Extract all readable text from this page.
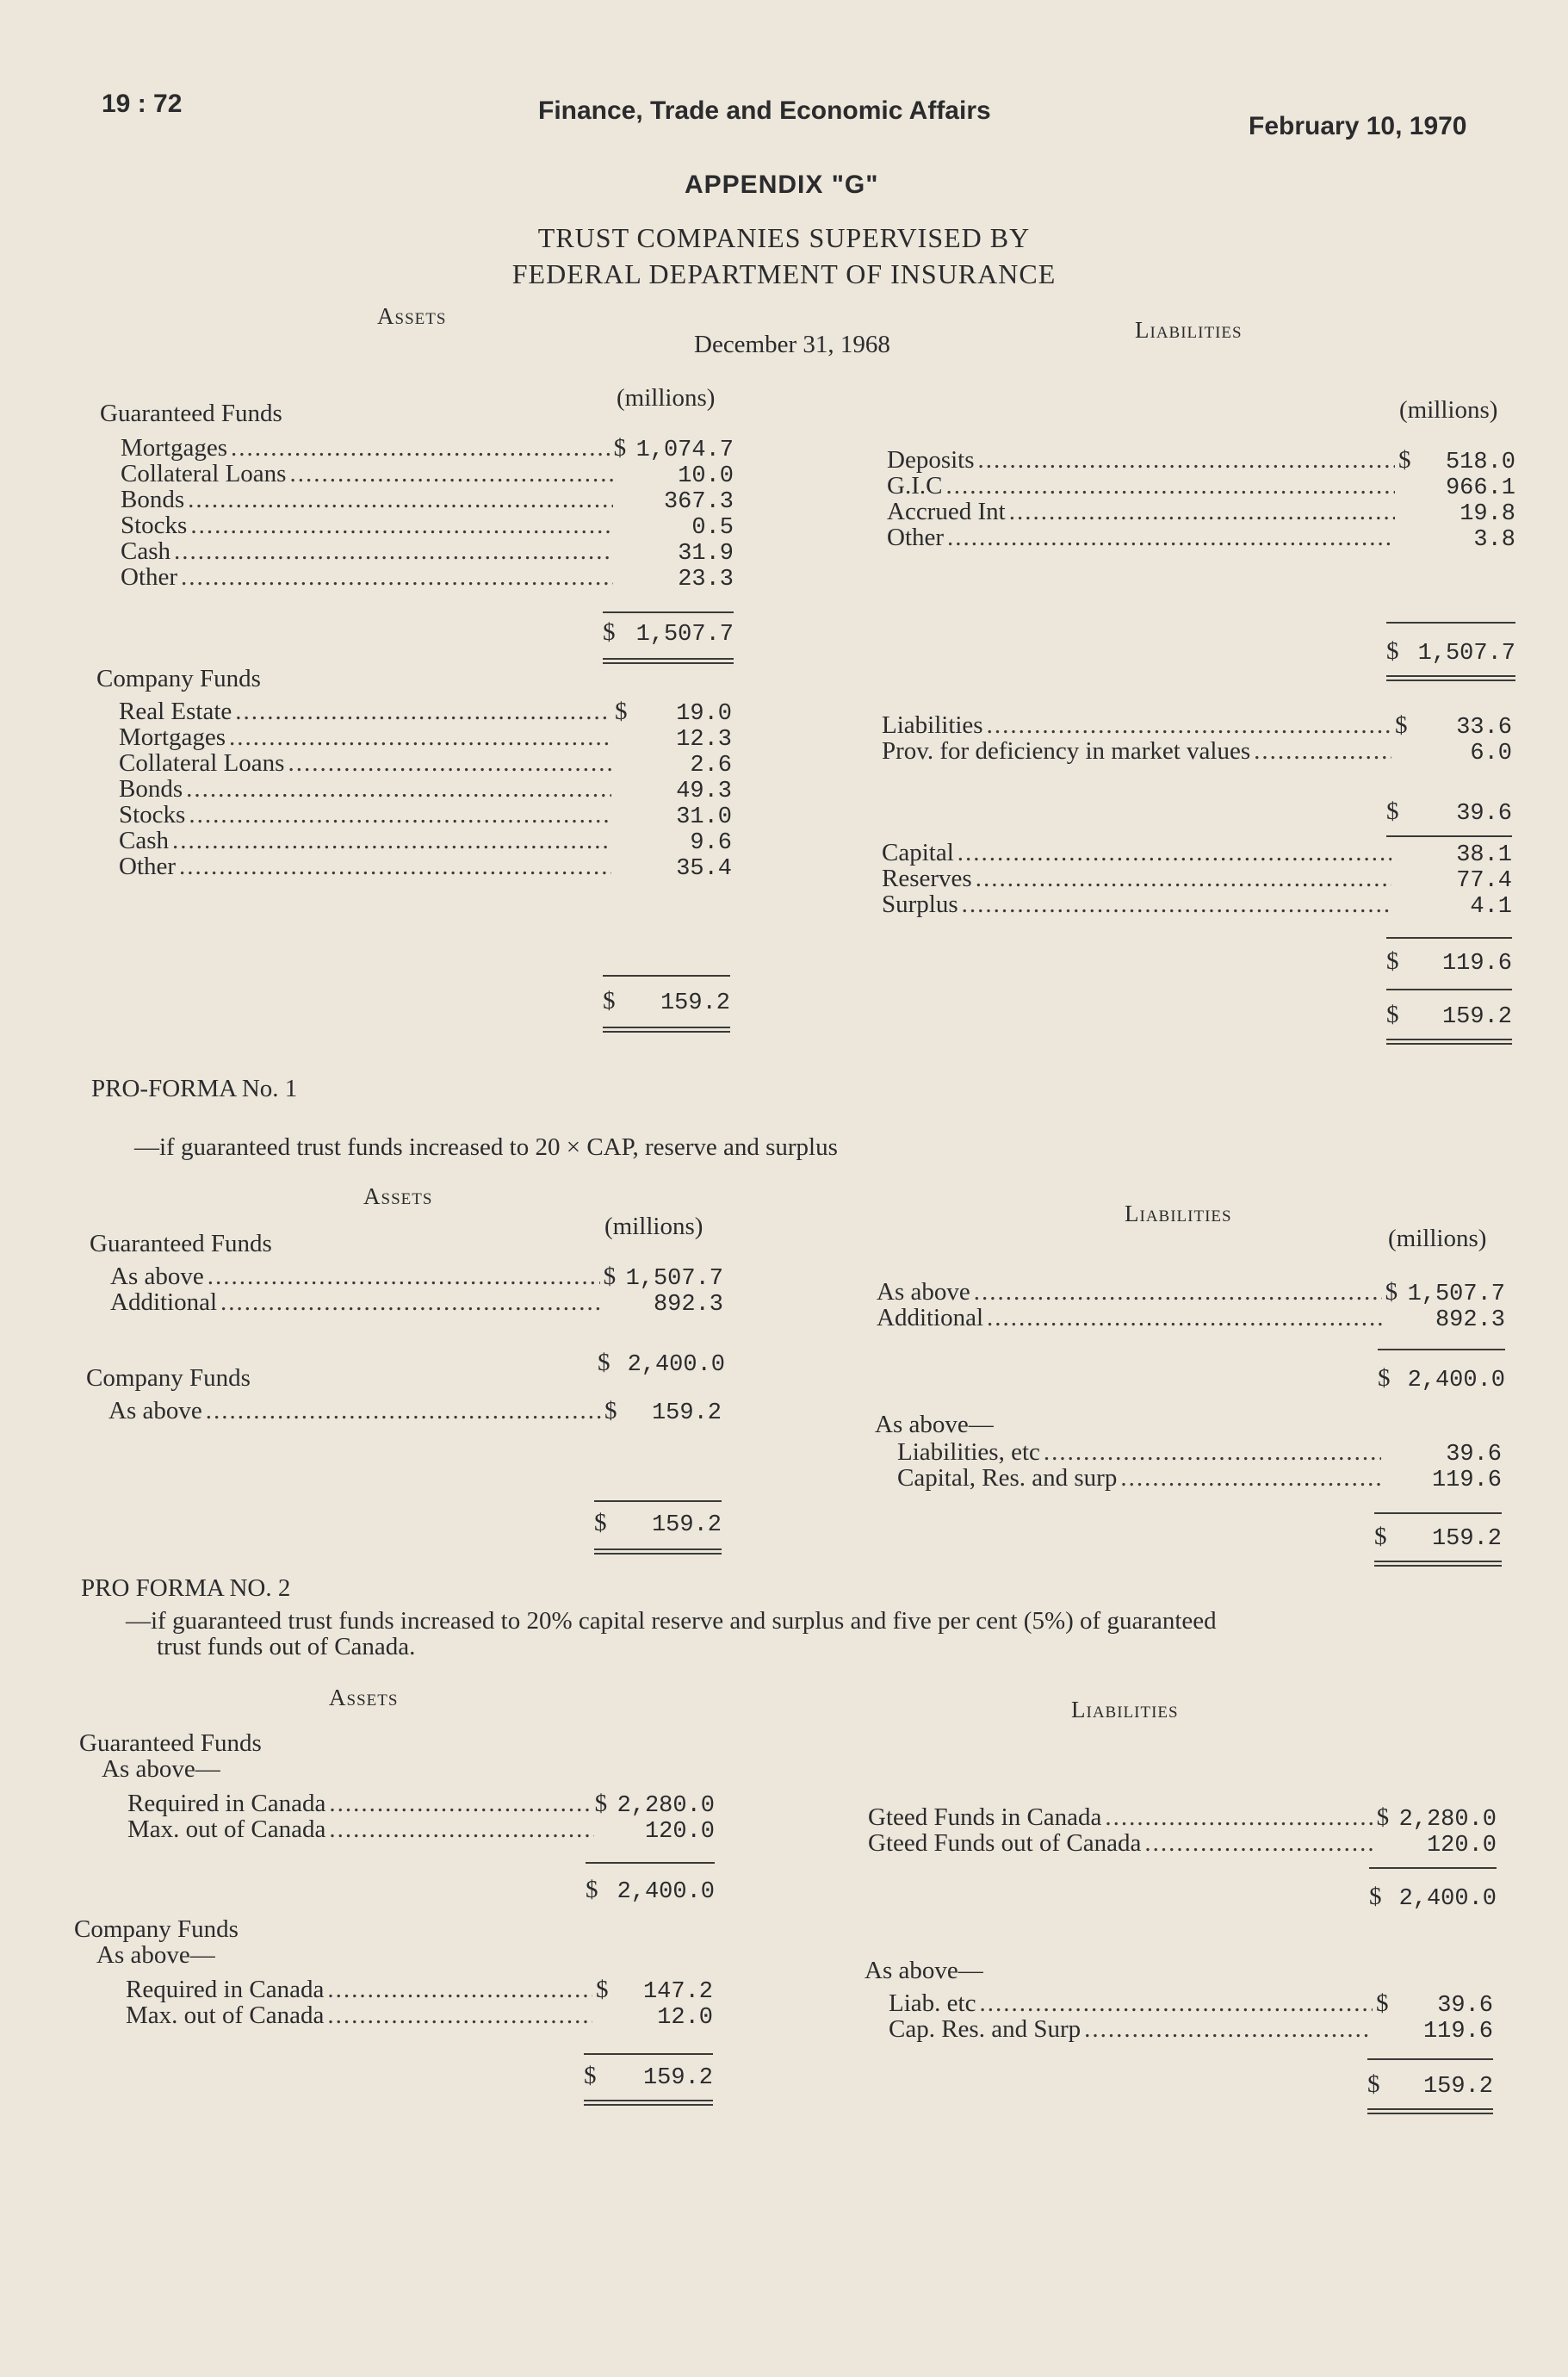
19 : 72	Finance, Trade and Economic Affairs
February 10, 1970
APPENDIX "G"
TRUST COMPANIES SUPERVISED BY
FEDERAL DEPARTMENT OF INSURANCE
Assets
Liabilities
December 31, 1968
(millions)	(millions)
Guaranteed Funds
Mortgages .....	$ 1,074.7
Collateral Loans .....	10.0
Bonds .....	367.3
Stocks .....	0.5
Cash .....	31.9
Other .....	23.3
$ 1,507.7
Deposits .....	$	518.0
G.I.C .....	966.1
Accrued Int .....	19.8
Other .....	3.8
$ 1,507.7
Company Funds
Real Estate .....	$	19.0
Mortgages .....	12.3
Collateral Loans .....	2.6
Bonds .....	49.3
Stocks .....	31.0
Cash .....	9.6
Other .....	35.4
$	159.2
Liabilities .....	$	33.6
Prov. for deficiency in market values .....	6.0
$	39.6
Capital .....	38.1
Reserves .....	77.4
Surplus .....	4.1
$	119.6
$	159.2
PRO-FORMA No. 1
—if guaranteed trust funds increased to 20 × CAP, reserve and surplus
Assets
Liabilities
(millions)	(millions)
Guaranteed Funds
As above .....	$ 1,507.7
Additional .....	892.3
$ 2,400.0
As above .....	$ 1,507.7
Additional .....	892.3
$ 2,400.0
Company Funds
As above .....	$	159.2
$	159.2
As above—
Liabilities, etc .....	39.6
Capital, Res. and surp .....	119.6
$	159.2
PRO FORMA NO. 2
—if guaranteed trust funds increased to 20% capital reserve and surplus and five per cent (5%) of guaranteed
trust funds out of Canada.
Assets	Liabilities
Guaranteed Funds
As above—
Required in Canada .....	$ 2,280.0
Max. out of Canada .....	120.0
$ 2,400.0
Gteed Funds in Canada .....	$ 2,280.0
Gteed Funds out of Canada .....	120.0
$ 2,400.0
Company Funds
As above—
Required in Canada .....	$	147.2
Max. out of Canada .....	12.0
$	159.2
As above—
Liab. etc .....	$	39.6
Cap. Res. and Surp .....	119.6
$	159.2
